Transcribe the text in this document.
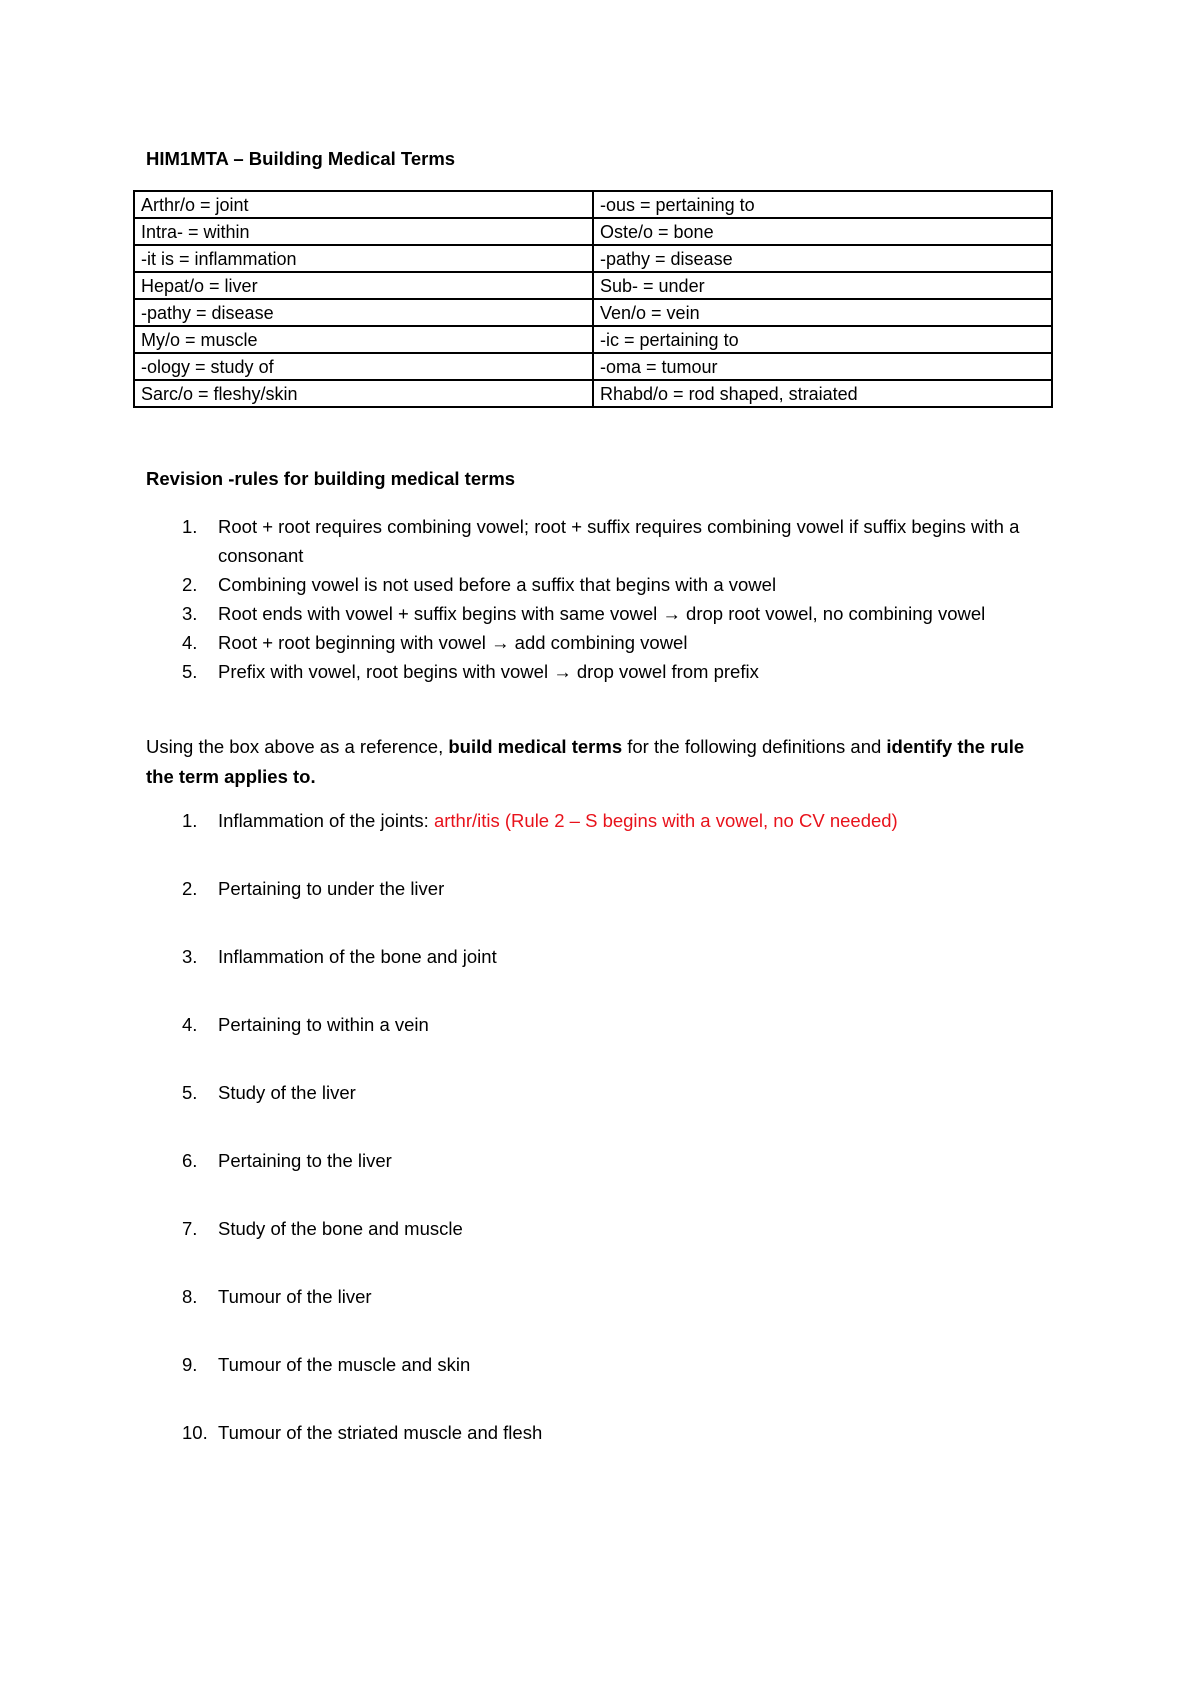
HIM1MTA – Building Medical Terms
Arthr/o = joint	-ous = pertaining to
Intra- = within	Oste/o = bone
-it is = inflammation	-pathy = disease
Hepat/o = liver	Sub- = under
-pathy = disease	Ven/o = vein
My/o = muscle	-ic = pertaining to
-ology = study of	-oma = tumour
Sarc/o = fleshy/skin	Rhabd/o = rod shaped, straiated
Revision -rules for building medical terms
1. Root + root requires combining vowel; root + suffix requires combining vowel if suffix begins with a consonant
2. Combining vowel is not used before a suffix that begins with a vowel
3. Root ends with vowel + suffix begins with same vowel → drop root vowel, no combining vowel
4. Root + root beginning with vowel → add combining vowel
5. Prefix with vowel, root begins with vowel → drop vowel from prefix
Using the box above as a reference, build medical terms for the following definitions and identify the rule the term applies to.
1. Inflammation of the joints: arthr/itis (Rule 2 – S begins with a vowel, no CV needed)
2. Pertaining to under the liver
3. Inflammation of the bone and joint
4. Pertaining to within a vein
5. Study of the liver
6. Pertaining to the liver
7. Study of the bone and muscle
8. Tumour of the liver
9. Tumour of the muscle and skin
10. Tumour of the striated muscle and flesh
